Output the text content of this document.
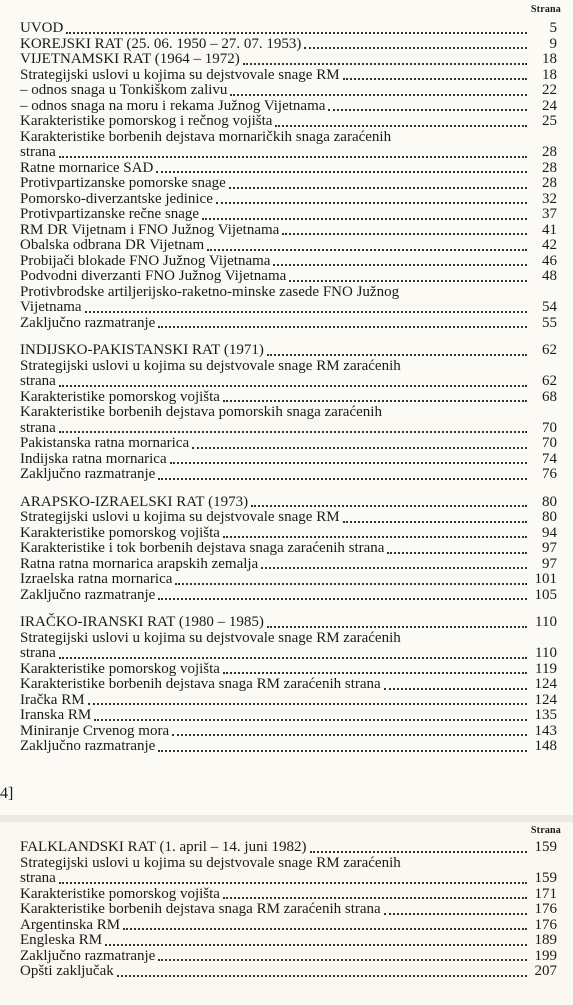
Strana
UVOD	5
KOREJSKI RAT (25. 06. 1950 – 27. 07. 1953)	9
VIJETNAMSKI RAT (1964 – 1972)	18
Strategijski uslovi u kojima su dejstvovale snage RM	18
– odnos snaga u Tonkiškom zalivu	22
– odnos snaga na moru i rekama Južnog Vijetnama	24
Karakteristike pomorskog i rečnog vojišta	25
Karakteristike borbenih dejstava mornaričkih snaga zaraćenih
strana	28
Ratne mornarice SAD	28
Protivpartizanske pomorske snage	28
Pomorsko-diverzantske jedinice	32
Protivpartizanske rečne snage	37
RM DR Vijetnam i FNO Južnog Vijetnama	41
Obalska odbrana DR Vijetnam	42
Probijači blokade FNO Južnog Vijetnama	46
Podvodni diverzanti FNO Južnog Vijetnama	48
Protivbrodske artiljerijsko-raketno-minske zasede FNO Južnog
Vijetnama	54
Zaključno razmatranje	55
INDIJSKO-PAKISTANSKI RAT (1971)	62
Strategijski uslovi u kojima su dejstvovale snage RM zaraćenih
strana	62
Karakteristike pomorskog vojišta	68
Karakteristike borbenih dejstava pomorskih snaga zaraćenih
strana	70
Pakistanska ratna mornarica	70
Indijska ratna mornarica	74
Zaključno razmatranje	76
ARAPSKO-IZRAELSKI RAT (1973)	80
Strategijski uslovi u kojima su dejstvovale snage RM	80
Karakteristike pomorskog vojišta	94
Karakteristike i tok borbenih dejstava snaga zaraćenih strana	97
Ratna ratna mornarica arapskih zemalja	97
Izraelska ratna mornarica	101
Zaključno razmatranje	105
IRAČKO-IRANSKI RAT (1980 – 1985)	110
Strategijski uslovi u kojima su dejstvovale snage RM zaraćenih
strana	110
Karakteristike pomorskog vojišta	119
Karakteristike borbenih dejstava snaga RM zaraćenih strana	124
Iračka RM	124
Iranska RM	135
Miniranje Crvenog mora	143
Zaključno razmatranje	148
4]
Strana
FALKLANDSKI RAT (1. april – 14. juni 1982)	159
Strategijski uslovi u kojima su dejstvovale snage RM zaraćenih
strana	159
Karakteristike pomorskog vojišta	171
Karakteristike borbenih dejstava snaga RM zaraćenih strana	176
Argentinska RM	176
Engleska RM	189
Zaključno razmatranje	199
Opšti zaključak	207
